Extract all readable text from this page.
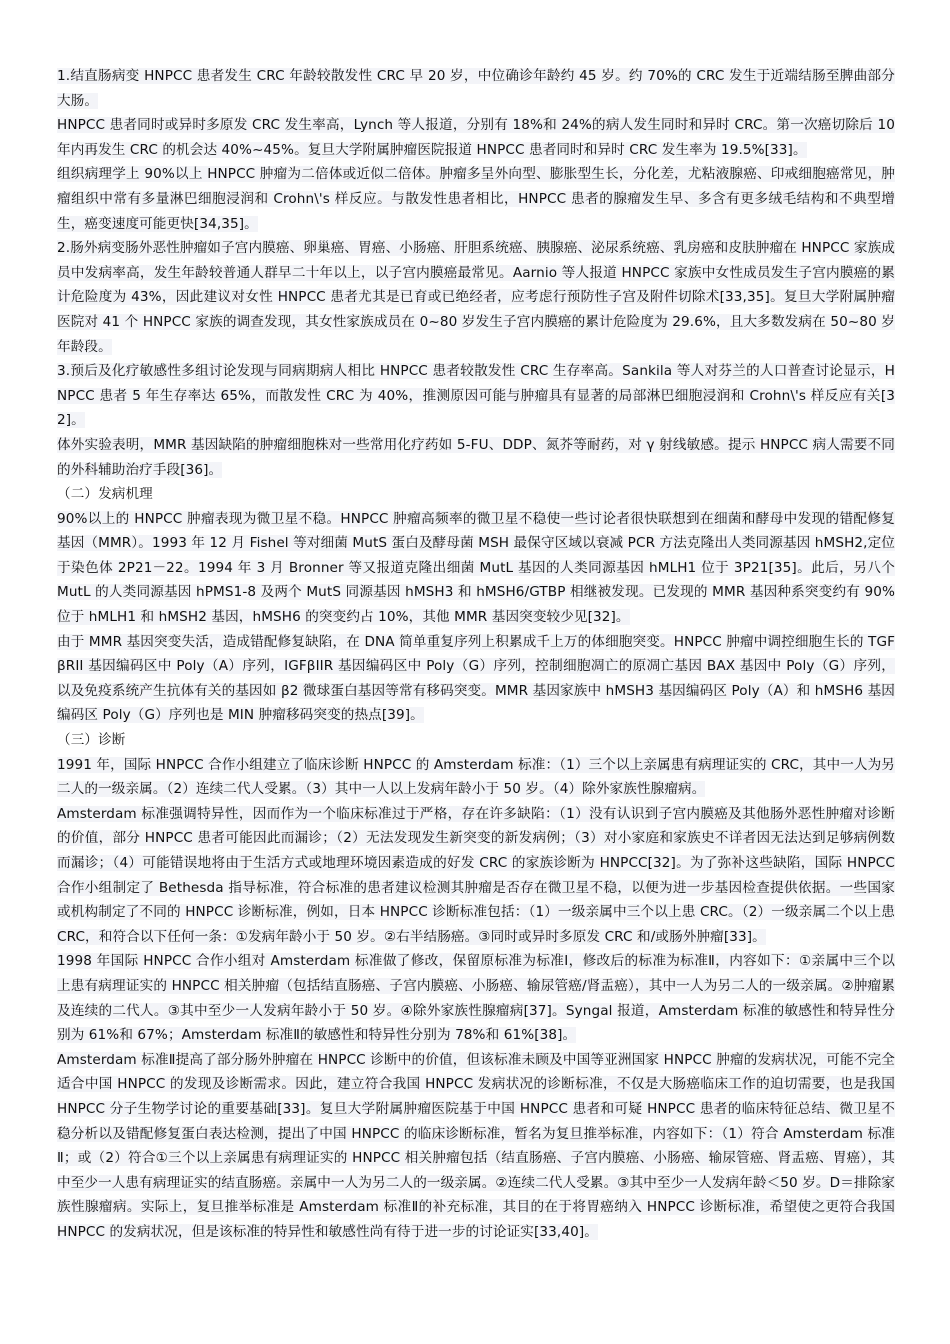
1.结直肠病变 HNPCC 患者发生 CRC 年龄较散发性 CRC 早 20 岁，中位确诊年龄约 45 岁。约 70%的 CRC 发生于近端结肠至脾曲部分大肠。

HNPCC 患者同时或异时多原发 CRC 发生率高，Lynch 等人报道，分别有 18%和 24%的病人发生同时和异时 CRC。第一次癌切除后 10 年内再发生 CRC 的机会达 40%~45%。复旦大学附属肿瘤医院报道 HNPCC 患者同时和异时 CRC 发生率为 19.5%[33]。

组织病理学上 90%以上 HNPCC 肿瘤为二倍体或近似二倍体。肿瘤多呈外向型、膨胀型生长，分化差，尤粘液腺癌、印戒细胞癌常见，肿瘤组织中常有多量淋巴细胞浸润和 Crohn\'s 样反应。与散发性患者相比，HNPCC 患者的腺瘤发生早、多含有更多绒毛结构和不典型增生，癌变速度可能更快[34,35]。

2.肠外病变肠外恶性肿瘤如子宫内膜癌、卵巢癌、胃癌、小肠癌、肝胆系统癌、胰腺癌、泌尿系统癌、乳房癌和皮肤肿瘤在 HNPCC 家族成员中发病率高，发生年龄较普通人群早二十年以上，以子宫内膜癌最常见。Aarnio 等人报道 HNPCC 家族中女性成员发生子宫内膜癌的累计危险度为 43%，因此建议对女性 HNPCC 患者尤其是已育或已绝经者，应考虑行预防性子宫及附件切除术[33,35]。复旦大学附属肿瘤医院对 41 个 HNPCC 家族的调查发现，其女性家族成员在 0~80 岁发生子宫内膜癌的累计危险度为 29.6%，且大多数发病在 50~80 岁年龄段。

3.预后及化疗敏感性多组讨论发现与同病期病人相比 HNPCC 患者较散发性 CRC 生存率高。Sankila 等人对芬兰的人口普查讨论显示，HNPCC 患者 5 年生存率达 65%，而散发性 CRC 为 40%，推测原因可能与肿瘤具有显著的局部淋巴细胞浸润和 Crohn\'s 样反应有关[32]。

体外实验表明，MMR 基因缺陷的肿瘤细胞株对一些常用化疗药如 5-FU、DDP、氮芥等耐药，对 γ 射线敏感。提示 HNPCC 病人需要不同的外科辅助治疗手段[36]。

（二）发病机理

90%以上的 HNPCC 肿瘤表现为微卫星不稳。HNPCC 肿瘤高频率的微卫星不稳使一些讨论者很快联想到在细菌和酵母中发现的错配修复基因（MMR）。1993 年 12 月 Fishel 等对细菌 MutS 蛋白及酵母菌 MSH 最保守区域以衰减 PCR 方法克隆出人类同源基因 hMSH2,定位于染色体 2P21－22。1994 年 3 月 Bronner 等又报道克隆出细菌 MutL 基因的人类同源基因 hMLH1 位于 3P21[35]。此后，另八个 MutL 的人类同源基因 hPMS1-8 及两个 MutS 同源基因 hMSH3 和 hMSH6/GTBP 相继被发现。已发现的 MMR 基因种系突变约有 90%位于 hMLH1 和 hMSH2 基因，hMSH6 的突变约占 10%，其他 MMR 基因突变较少见[32]。

由于 MMR 基因突变失活，造成错配修复缺陷，在 DNA 简单重复序列上积累成千上万的体细胞突变。HNPCC 肿瘤中调控细胞生长的 TGFβRII 基因编码区中 Poly（A）序列，IGFβIIR 基因编码区中 Poly（G）序列，控制细胞凋亡的原凋亡基因 BAX 基因中 Poly（G）序列，以及免疫系统产生抗体有关的基因如 β2 微球蛋白基因等常有移码突变。MMR 基因家族中 hMSH3 基因编码区 Poly（A）和 hMSH6 基因编码区 Poly（G）序列也是 MIN 肿瘤移码突变的热点[39]。

（三）诊断

1991 年，国际 HNPCC 合作小组建立了临床诊断 HNPCC 的 Amsterdam 标准：（1）三个以上亲属患有病理证实的 CRC，其中一人为另二人的一级亲属。（2）连续二代人受累。（3）其中一人以上发病年龄小于 50 岁。（4）除外家族性腺瘤病。

Amsterdam 标准强调特异性，因而作为一个临床标准过于严格，存在许多缺陷：（1）没有认识到子宫内膜癌及其他肠外恶性肿瘤对诊断的价值，部分 HNPCC 患者可能因此而漏诊；（2）无法发现发生新突变的新发病例；（3）对小家庭和家族史不详者因无法达到足够病例数而漏诊；（4）可能错误地将由于生活方式或地理环境因素造成的好发 CRC 的家族诊断为 HNPCC[32]。为了弥补这些缺陷，国际 HNPCC 合作小组制定了 Bethesda 指导标准，符合标准的患者建议检测其肿瘤是否存在微卫星不稳，以便为进一步基因检查提供依据。一些国家或机构制定了不同的 HNPCC 诊断标准，例如，日本 HNPCC 诊断标准包括：（1）一级亲属中三个以上患 CRC。（2）一级亲属二个以上患 CRC，和符合以下任何一条：①发病年龄小于 50 岁。②右半结肠癌。③同时或异时多原发 CRC 和/或肠外肿瘤[33]。

1998 年国际 HNPCC 合作小组对 Amsterdam 标准做了修改，保留原标准为标准Ⅰ，修改后的标准为标准Ⅱ，内容如下：①亲属中三个以上患有病理证实的 HNPCC 相关肿瘤（包括结直肠癌、子宫内膜癌、小肠癌、输尿管癌/肾盂癌），其中一人为另二人的一级亲属。②肿瘤累及连续的二代人。③其中至少一人发病年龄小于 50 岁。④除外家族性腺瘤病[37]。Syngal 报道，Amsterdam 标准的敏感性和特异性分别为 61%和 67%；Amsterdam 标准Ⅱ的敏感性和特异性分别为 78%和 61%[38]。

Amsterdam 标准Ⅱ提高了部分肠外肿瘤在 HNPCC 诊断中的价值，但该标准未顾及中国等亚洲国家 HNPCC 肿瘤的发病状况，可能不完全适合中国 HNPCC 的发现及诊断需求。因此，建立符合我国 HNPCC 发病状况的诊断标准，不仅是大肠癌临床工作的迫切需要，也是我国 HNPCC 分子生物学讨论的重要基础[33]。复旦大学附属肿瘤医院基于中国 HNPCC 患者和可疑 HNPCC 患者的临床特征总结、微卫星不稳分析以及错配修复蛋白表达检测，提出了中国 HNPCC 的临床诊断标准，暂名为复旦推举标准，内容如下：（1）符合 Amsterdam 标准Ⅱ；或（2）符合①三个以上亲属患有病理证实的 HNPCC 相关肿瘤包括（结直肠癌、子宫内膜癌、小肠癌、输尿管癌、肾盂癌、胃癌），其中至少一人患有病理证实的结直肠癌。亲属中一人为另二人的一级亲属。②连续二代人受累。③其中至少一人发病年龄＜50 岁。D＝排除家族性腺瘤病。实际上，复旦推举标准是 Amsterdam 标准Ⅱ的补充标准，其目的在于将胃癌纳入 HNPCC 诊断标准，希望使之更符合我国 HNPCC 的发病状况，但是该标准的特异性和敏感性尚有待于进一步的讨论证实[33,40]。
